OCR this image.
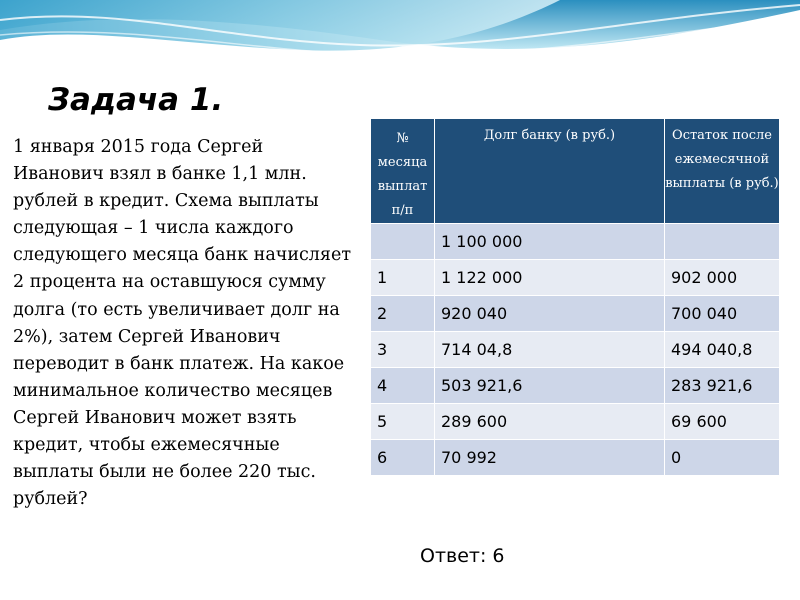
Задача 1.
1 января 2015 года Сергей Иванович взял в банке 1,1 млн. рублей в кредит. Схема выплаты следующая – 1 числа каждого следующего месяца банк начисляет 2 процента на оставшуюся сумму долга (то есть увеличивает долг на 2%), затем Сергей Иванович переводит в банк платеж. На какое минимальное количество месяцев Сергей Иванович может взять кредит, чтобы ежемесячные выплаты были не более 220 тыс. рублей?
№ месяца выплат п/п	Долг банку (в руб.)	Остаток после ежемесячной выплаты (в руб.)
	1 100 000	
1	1 122 000	902 000
2	920 040	700 040
3	714 04,8	494 040,8
4	503 921,6	283 921,6
5	289 600	69 600
6	70 992	0
Ответ: 6
